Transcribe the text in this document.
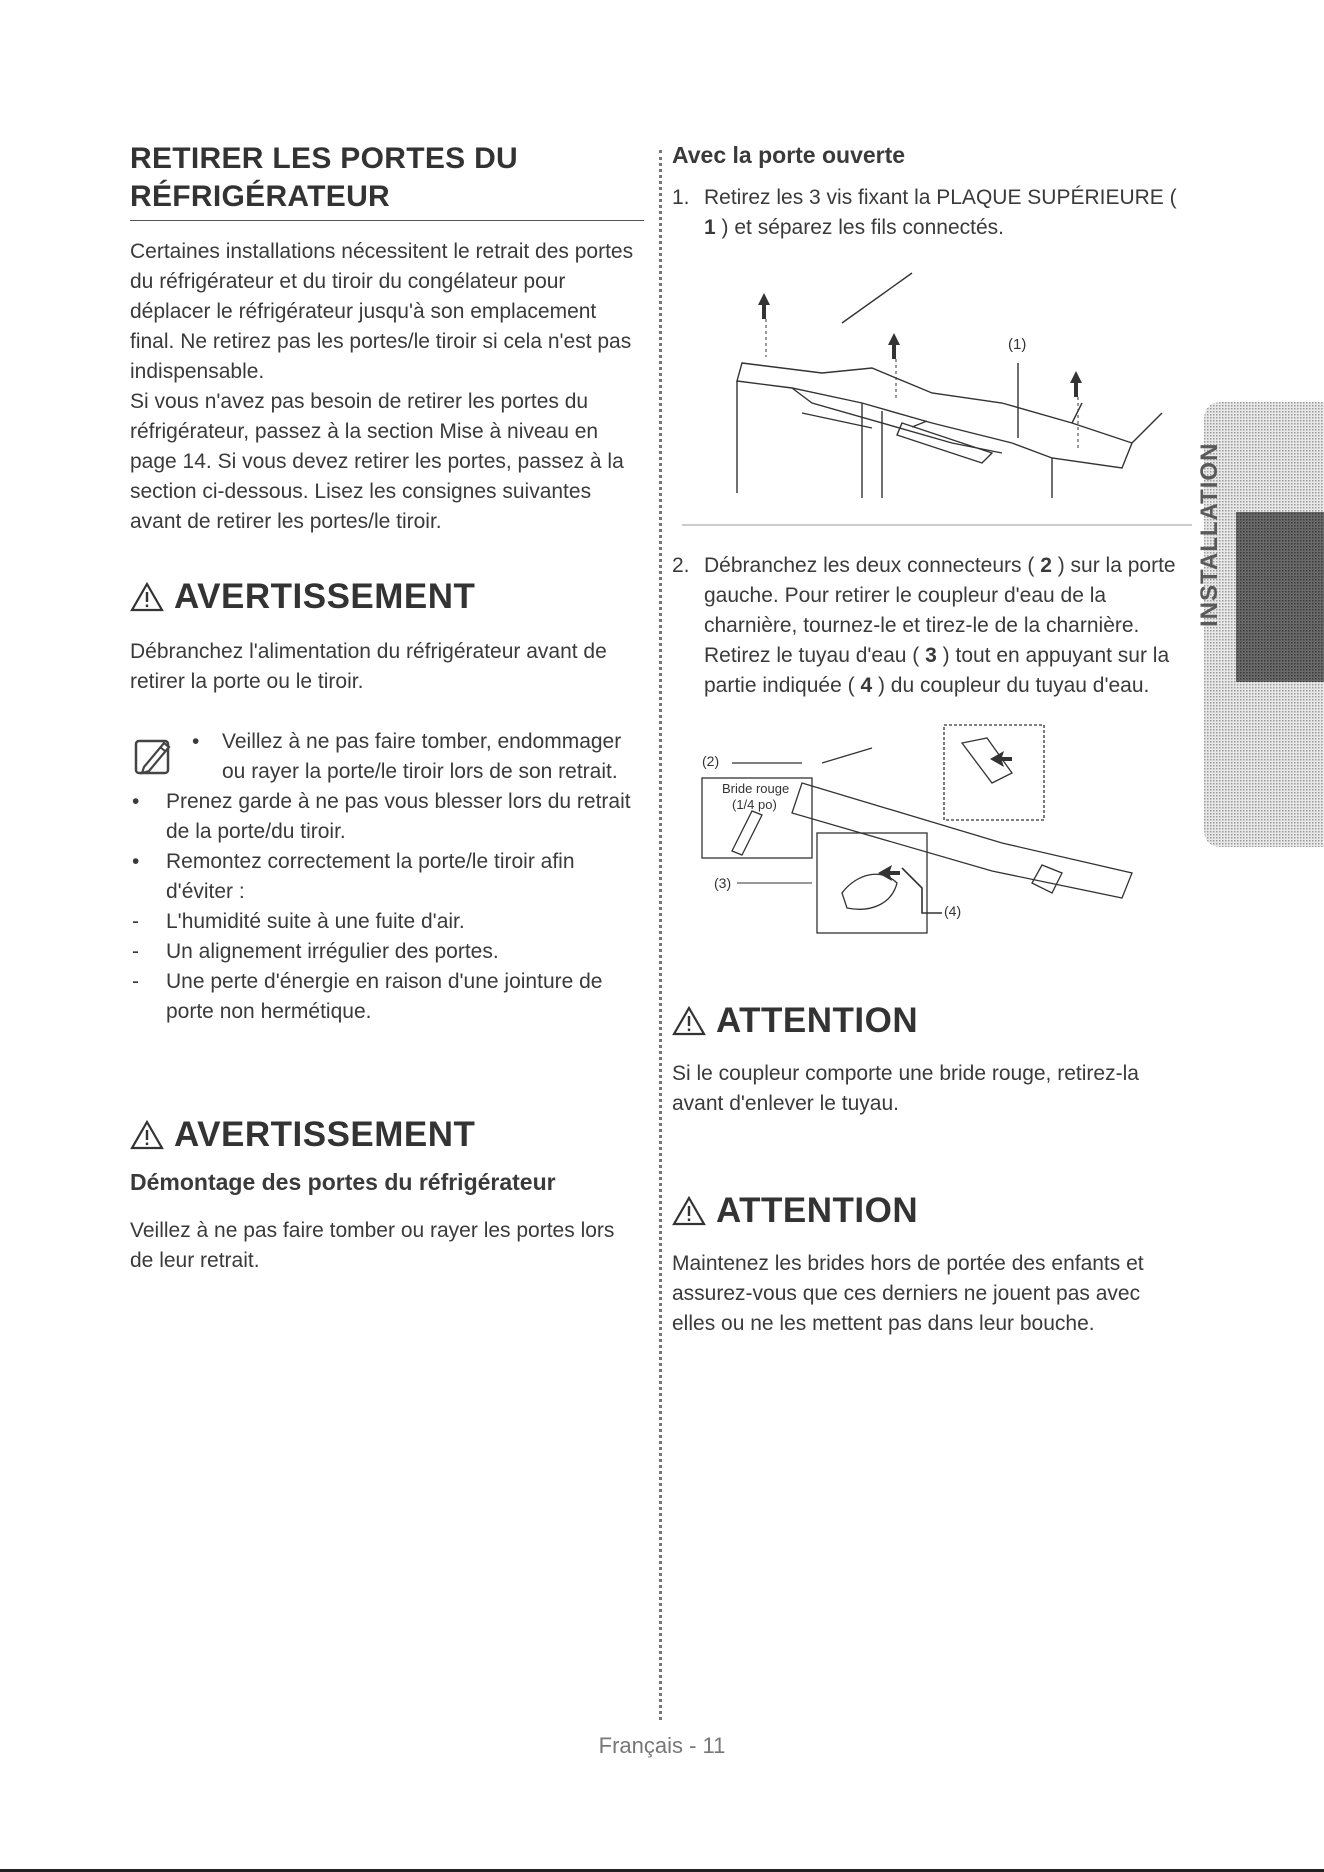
RETIRER LES PORTES DU
RÉFRIGÉRATEUR

Certaines installations nécessitent le retrait des portes du réfrigérateur et du tiroir du congélateur pour déplacer le réfrigérateur jusqu'à son emplacement final. Ne retirez pas les portes/le tiroir si cela n'est pas indispensable.

Si vous n'avez pas besoin de retirer les portes du réfrigérateur, passez à la section Mise à niveau en page 14. Si vous devez retirer les portes, passez à la section ci-dessous. Lisez les consignes suivantes avant de retirer les portes/le tiroir.

AVERTISSEMENT

Débranchez l'alimentation du réfrigérateur avant de retirer la porte ou le tiroir.

• Veillez à ne pas faire tomber, endommager ou rayer la porte/le tiroir lors de son retrait.
•	Prenez garde à ne pas vous blesser lors du retrait de la porte/du tiroir.
•	Remontez correctement la porte/le tiroir afin d'éviter :
-	L'humidité suite à une fuite d'air.
-	Un alignement irrégulier des portes.
-	Une perte d'énergie en raison d'une jointure de porte non hermétique.
AVERTISSEMENT

Démontage des portes du réfrigérateur

Veillez à ne pas faire tomber ou rayer les portes lors de leur retrait.

Avec la porte ouverte

1. Retirez les 3 vis fixant la PLAQUE SUPÉRIEURE ( 1 ) et séparez les fils connectés.
(1)
2. Débranchez les deux connecteurs ( 2 ) sur la porte gauche. Pour retirer le coupleur d'eau de la charnière, tournez-le et tirez-le de la charnière. Retirez le tuyau d'eau ( 3 ) tout en appuyant sur la partie indiquée ( 4 ) du coupleur du tuyau d'eau.
(2)
Bride rouge
(1/4 po)
(3)
(4)
ATTENTION

Si le coupleur comporte une bride rouge, retirez-la avant d'enlever le tuyau.

ATTENTION

Maintenez les brides hors de portée des enfants et assurez-vous que ces derniers ne jouent pas avec elles ou ne les mettent pas dans leur bouche.

INSTALLATION
Français - 11
